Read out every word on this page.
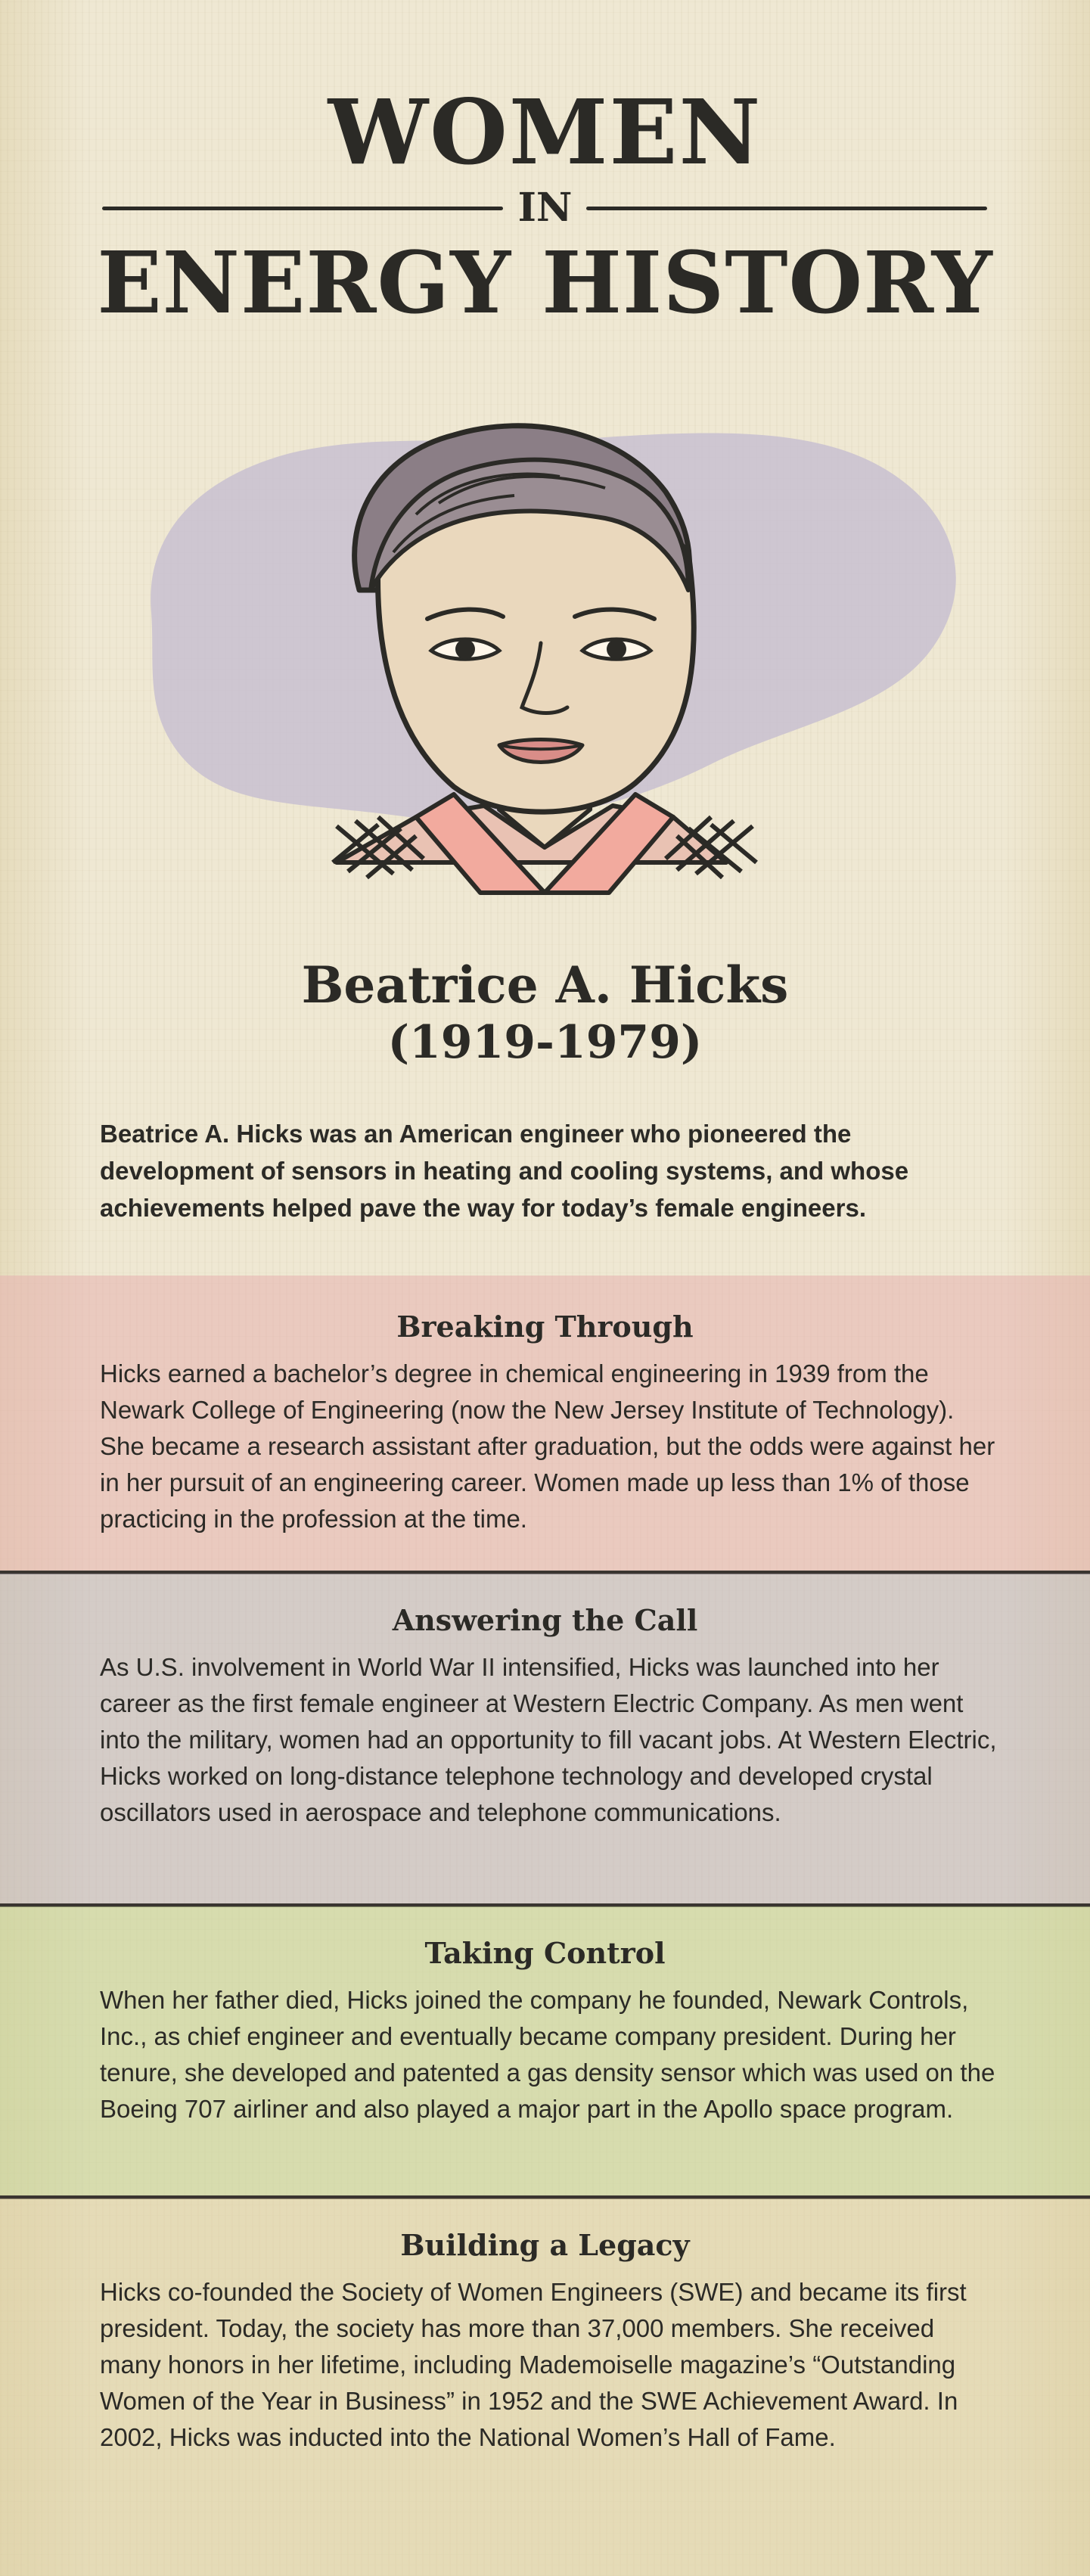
WOMEN
IN
ENERGY HISTORY

Beatrice A. Hicks

(1919-1979)

Beatrice A. Hicks was an American engineer who pioneered the development of sensors in heating and cooling systems, and whose achievements helped pave the way for today’s female engineers.

Breaking Through

Hicks earned a bachelor’s degree in chemical engineering in 1939 from the Newark College of Engineering (now the New Jersey Institute of Technology). She became a research assistant after graduation, but the odds were against her in her pursuit of an engineering career. Women made up less than 1% of those practicing in the profession at the time.

Answering the Call

As U.S. involvement in World War II intensified, Hicks was launched into her career as the first female engineer at Western Electric Company. As men went into the military, women had an opportunity to fill vacant jobs. At Western Electric, Hicks worked on long-distance telephone technology and developed crystal oscillators used in aerospace and telephone communications.

Taking Control

When her father died, Hicks joined the company he founded, Newark Controls, Inc., as chief engineer and eventually became company president. During her tenure, she developed and patented a gas density sensor which was used on the Boeing 707 airliner and also played a major part in the Apollo space program.

Building a Legacy

Hicks co-founded the Society of Women Engineers (SWE) and became its first president. Today, the society has more than 37,000 members. She received many honors in her lifetime, including Mademoiselle magazine’s “Outstanding Women of the Year in Business” in 1952 and the SWE Achievement Award. In 2002, Hicks was inducted into the National Women’s Hall of Fame.
